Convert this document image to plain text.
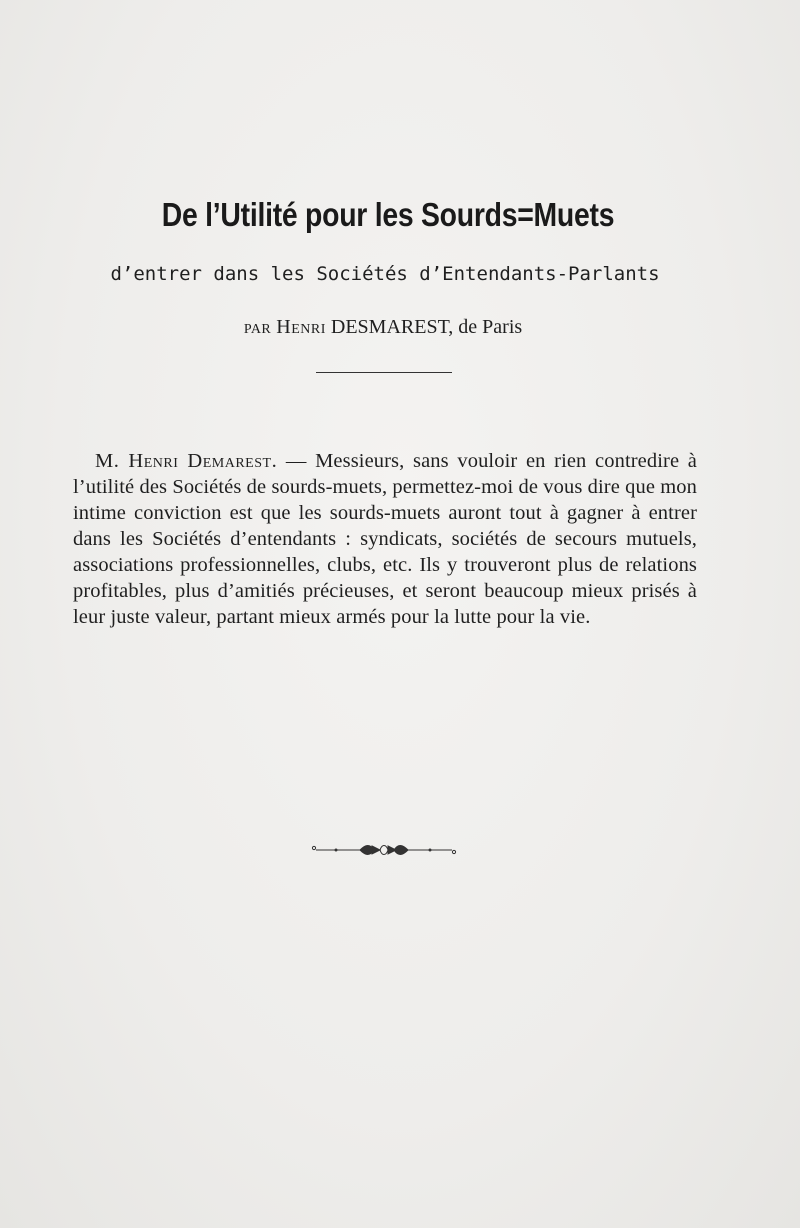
De l’Utilité pour les Sourds=Muets
d’entrer dans les Sociétés d’Entendants-Parlants
par Henri DESMAREST, de Paris
M. Henri Demarest. — Messieurs, sans vouloir en rien contredire à l’utilité des Sociétés de sourds-muets, permettez-moi de vous dire que mon intime conviction est que les sourds-muets auront tout à gagner à entrer dans les Sociétés d’entendants : syndicats, sociétés de secours mutuels, associations professionnelles, clubs, etc. Ils y trouveront plus de relations profitables, plus d’amitiés précieuses, et seront beaucoup mieux prisés à leur juste valeur, partant mieux armés pour la lutte pour la vie.
